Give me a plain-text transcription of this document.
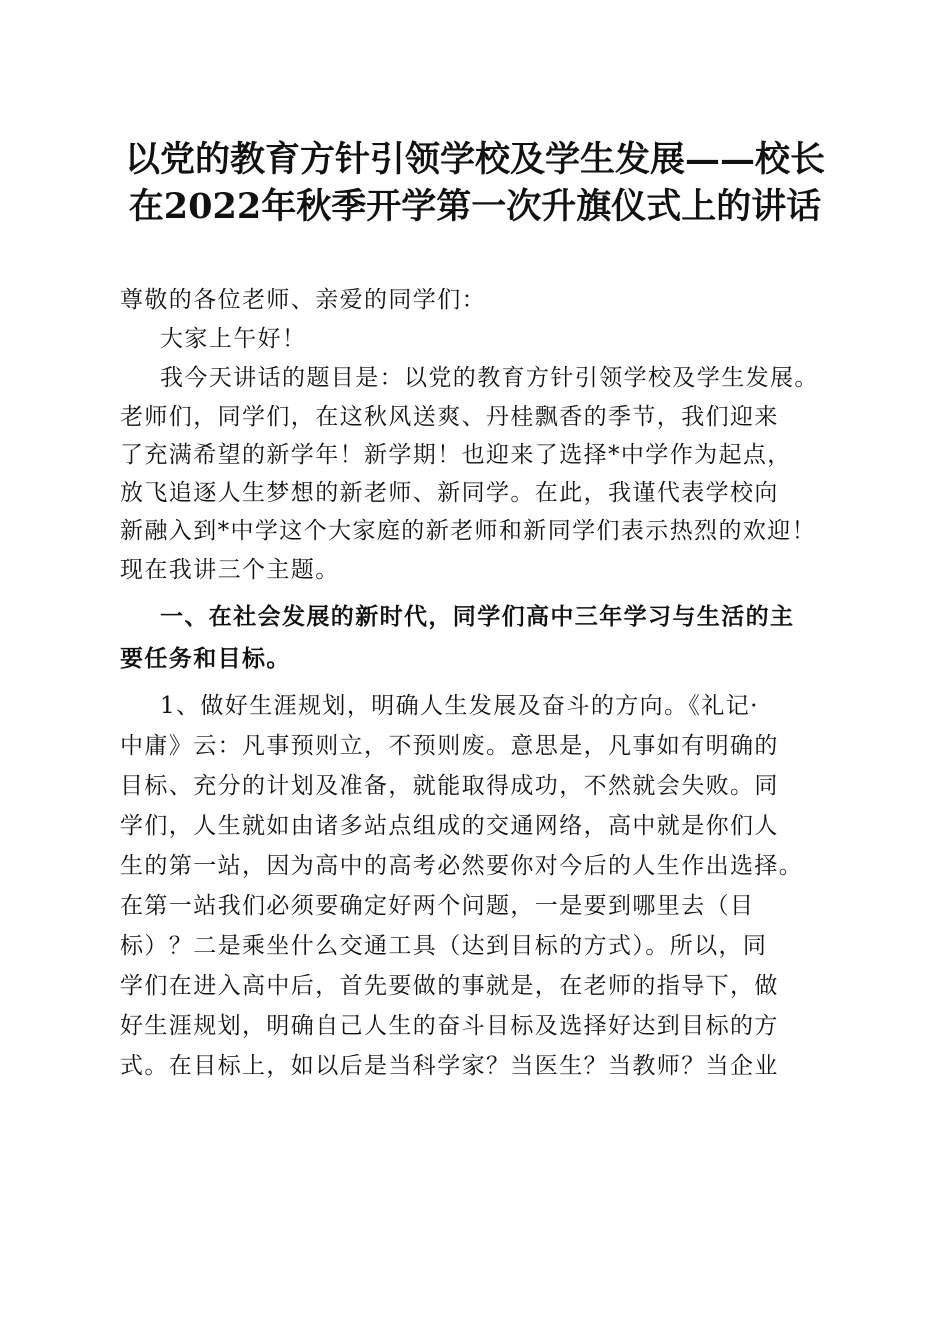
以党的教育方针引领学校及学生发展——校长
在2022年秋季开学第一次升旗仪式上的讲话
尊敬的各位老师、亲爱的同学们：
大家上午好！
我今天讲话的题目是：以党的教育方针引领学校及学生发展。
老师们，同学们，在这秋风送爽、丹桂飘香的季节，我们迎来
了充满希望的新学年！新学期！也迎来了选择*中学作为起点，
放飞追逐人生梦想的新老师、新同学。在此，我谨代表学校向
新融入到*中学这个大家庭的新老师和新同学们表示热烈的欢迎！
现在我讲三个主题。
一、在社会发展的新时代，同学们高中三年学习与生活的主
要任务和目标。
1、做好生涯规划，明确人生发展及奋斗的方向。《礼记·
中庸》云：凡事预则立，不预则废。意思是，凡事如有明确的
目标、充分的计划及准备，就能取得成功，不然就会失败。同
学们，人生就如由诸多站点组成的交通网络，高中就是你们人
生的第一站，因为高中的高考必然要你对今后的人生作出选择。
在第一站我们必须要确定好两个问题，一是要到哪里去（目
标）？二是乘坐什么交通工具（达到目标的方式）。所以，同
学们在进入高中后，首先要做的事就是，在老师的指导下，做
好生涯规划，明确自己人生的奋斗目标及选择好达到目标的方
式。在目标上，如以后是当科学家？当医生？当教师？当企业
